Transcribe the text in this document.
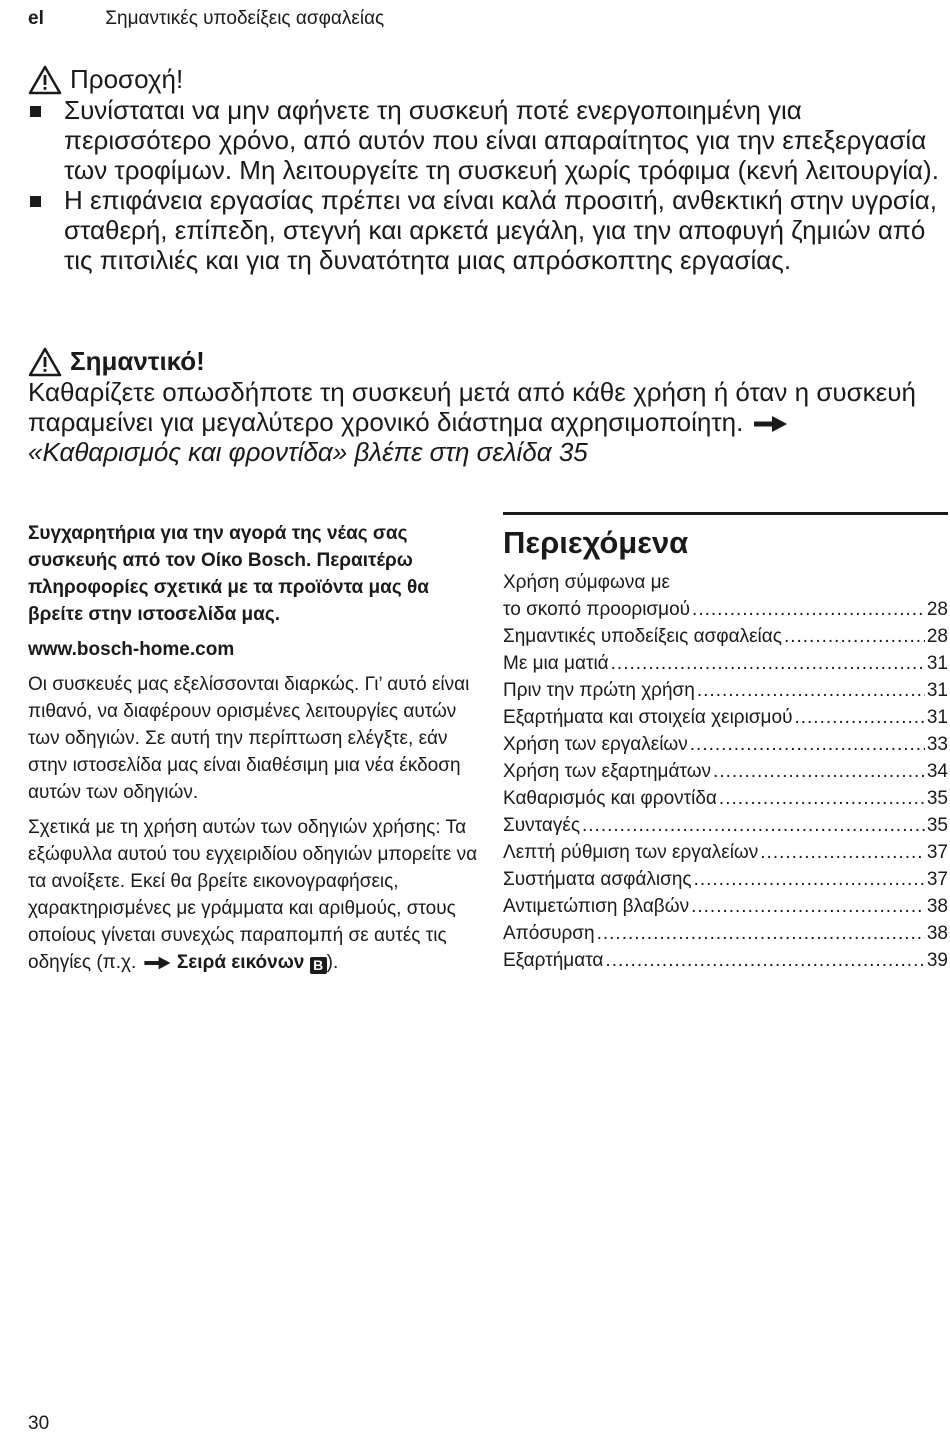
el	Σημαντικές υποδείξεις ασφαλείας
Προσοχή!
Συνίσταται να μην αφήνετε τη συσκευή ποτέ ενεργοποιημένη για περισσότερο χρόνο, από αυτόν που είναι απαραίτητος για την επεξεργασία των τροφίμων. Μη λειτουργείτε τη συσκευή χωρίς τρόφιμα (κενή λειτουργία).
Η επιφάνεια εργασίας πρέπει να είναι καλά προσιτή, ανθεκτική στην υγρσία, σταθερή, επίπεδη, στεγνή και αρκετά μεγάλη, για την αποφυγή ζημιών από τις πιτσιλιές και για τη δυνατότητα μιας απρόσκοπτης εργασίας.
Σημαντικό!
Καθαρίζετε οπωσδήποτε τη συσκευή μετά από κάθε χρήση ή όταν η συσκευή παραμείνει για μεγαλύτερο χρονικό διάστημα αχρησιμοποίητη.  «Καθαρισμός και φροντίδα» βλέπε στη σελίδα 35

Συγχαρητήρια για την αγορά της νέας σας συσκευής από τον Οίκο Bosch. Περαιτέρω πληροφορίες σχετικά με τα προϊόντα μας θα βρείτε στην ιστοσελίδα μας.

www.bosch-home.com

Οι συσκευές μας εξελίσσονται διαρκώς. Γι’ αυτό είναι πιθανό, να διαφέρουν ορισμένες λειτουργίες αυτών των οδηγιών. Σε αυτή την περίπτωση ελέγξτε, εάν στην ιστοσελίδα μας είναι διαθέσιμη μια νέα έκδοση αυτών των οδηγιών.

Σχετικά με τη χρήση αυτών των οδηγιών χρήσης: Τα εξώφυλλα αυτού του εγχειριδίου οδηγιών μπορείτε να τα ανοίξετε. Εκεί θα βρείτε εικονογραφήσεις, χαρακτηρισμένες με γράμματα και αριθμούς, στους οποίους γίνεται συνεχώς παραπομπή σε αυτές τις οδηγίες (π.χ. Σειρά εικόνων B ).

Περιεχόμενα
Χρήση σύμφωνα με
το σκοπό προορισμού .....	28
Σημαντικές υποδείξεις ασφαλείας .....	28
Με μια ματιά .....	31
Πριν την πρώτη χρήση .....	31
Εξαρτήματα και στοιχεία χειρισμού .....	31
Χρήση των εργαλείων .....	33
Χρήση των εξαρτημάτων .....	34
Καθαρισμός και φροντίδα .....	35
Συνταγές .....	35
Λεπτή ρύθμιση των εργαλείων .....	37
Συστήματα ασφάλισης .....	37
Αντιμετώπιση βλαβών .....	38
Απόσυρση .....	38
Εξαρτήματα .....	39
30
